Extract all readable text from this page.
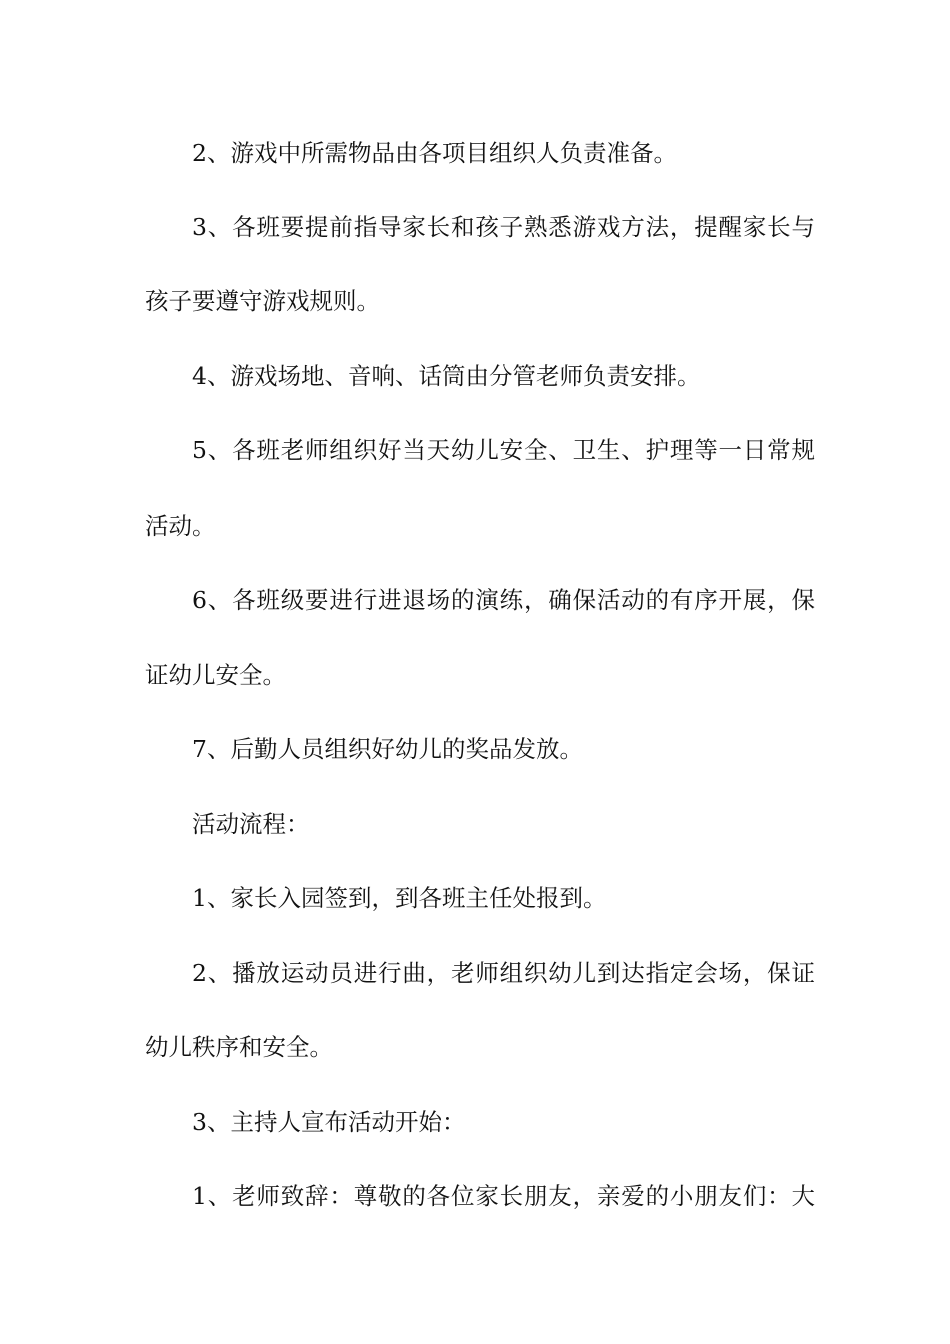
2、游戏中所需物品由各项目组织人负责准备。

3、各班要提前指导家长和孩子熟悉游戏方法，提醒家长与

孩子要遵守游戏规则。

4、游戏场地、音响、话筒由分管老师负责安排。

5、各班老师组织好当天幼儿安全、卫生、护理等一日常规

活动。

6、各班级要进行进退场的演练，确保活动的有序开展，保

证幼儿安全。

7、后勤人员组织好幼儿的奖品发放。

活动流程：

1、家长入园签到，到各班主任处报到。

2、播放运动员进行曲，老师组织幼儿到达指定会场，保证

幼儿秩序和安全。

3、主持人宣布活动开始：

1、老师致辞：尊敬的各位家长朋友，亲爱的小朋友们：大
